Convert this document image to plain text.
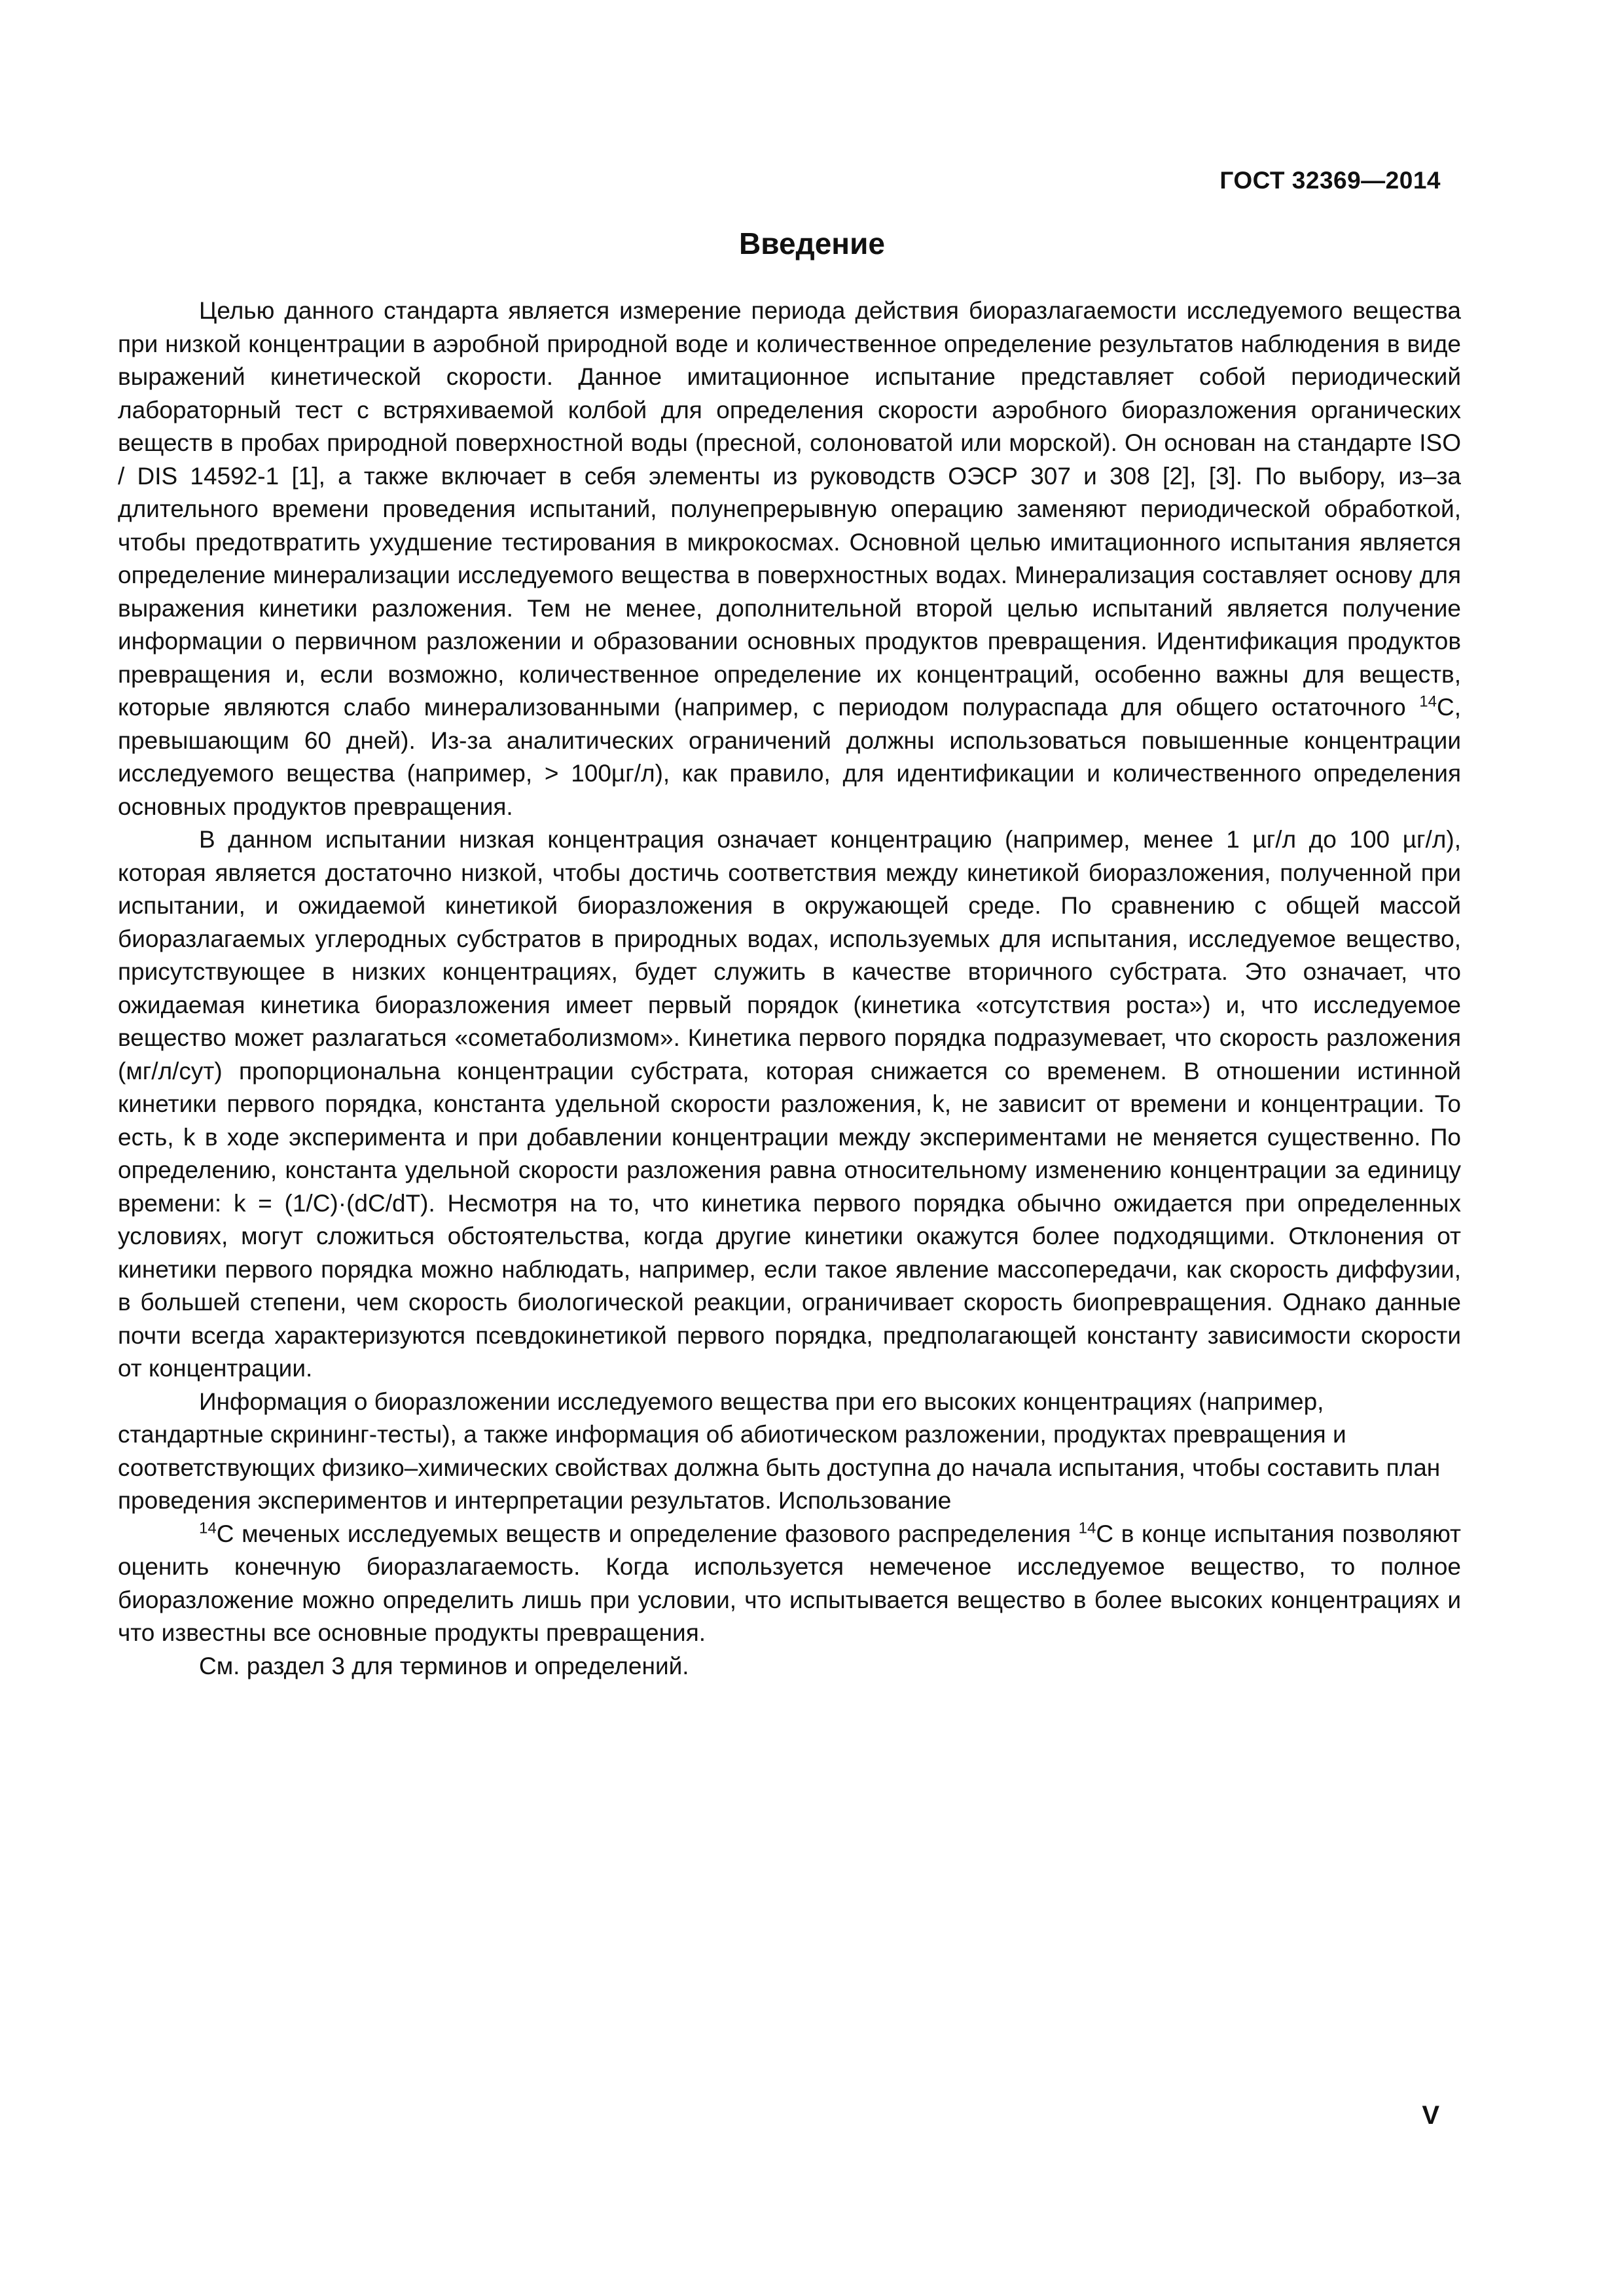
ГОСТ 32369—2014
Введение

Целью данного стандарта является измерение периода действия биоразлагаемости исследуемого вещества при низкой концентрации в аэробной природной воде и количественное определение результатов наблюдения в виде выражений кинетической скорости. Данное имитационное испытание представляет собой периодический лабораторный тест с встряхиваемой колбой для определения скорости аэробного биоразложения органических веществ в пробах природной поверхностной воды (пресной, солоноватой или морской). Он основан на стандарте ISO / DIS 14592-1 [1], а также включает в себя элементы из руководств ОЭСР 307 и 308 [2], [3]. По выбору, из–за длительного времени проведения испытаний, полунепрерывную операцию заменяют периодической обработкой, чтобы предотвратить ухудшение тестирования в микрокосмах. Основной целью имитационного испытания является определение минерализации исследуемого вещества в поверхностных водах. Минерализация составляет основу для выражения кинетики разложения. Тем не менее, дополнительной второй целью испытаний является получение информации о первичном разложении и образовании основных продуктов превращения. Идентификация продуктов превращения и, если возможно, количественное определение их концентраций, особенно важны для веществ, которые являются слабо минерализованными (например, с периодом полураспада для общего остаточного $^{14}$C, превышающим 60 дней). Из-за аналитических ограничений должны использоваться повышенные концентрации исследуемого вещества (например, > 100µг/л), как правило, для идентификации и количественного определения основных продуктов превращения.

В данном испытании низкая концентрация означает концентрацию (например, менее 1 µг/л до 100 µг/л), которая является достаточно низкой, чтобы достичь соответствия между кинетикой биоразложения, полученной при испытании, и ожидаемой кинетикой биоразложения в окружающей среде. По сравнению с общей массой биоразлагаемых углеродных субстратов в природных водах, используемых для испытания, исследуемое вещество, присутствующее в низких концентрациях, будет служить в качестве вторичного субстрата. Это означает, что ожидаемая кинетика биоразложения имеет первый порядок (кинетика «отсутствия роста») и, что исследуемое вещество может разлагаться «сометаболизмом». Кинетика первого порядка подразумевает, что скорость разложения (мг/л/сут) пропорциональна концентрации субстрата, которая снижается со временем. В отношении истинной кинетики первого порядка, константа удельной скорости разложения, k, не зависит от времени и концентрации. То есть, k в ходе эксперимента и при добавлении концентрации между экспериментами не меняется существенно. По определению, константа удельной скорости разложения равна относительному изменению концентрации за единицу времени: k = (1/C)·(dC/dT). Несмотря на то, что кинетика первого порядка обычно ожидается при определенных условиях, могут сложиться обстоятельства, когда другие кинетики окажутся более подходящими. Отклонения от кинетики первого порядка можно наблюдать, например, если такое явление массопередачи, как скорость диффузии, в большей степени, чем скорость биологической реакции, ограничивает скорость биопревращения. Однако данные почти всегда характеризуются псевдокинетикой первого порядка, предполагающей константу зависимости скорости от концентрации.

Информация о биоразложении исследуемого вещества при его высоких концентрациях (например, стандартные скрининг-тесты), а также информация об абиотическом разложении, продуктах превращения и соответствующих физико–химических свойствах должна быть доступна до начала испытания, чтобы составить план проведения экспериментов и интерпретации результатов. Использование

$^{14}$C меченых исследуемых веществ и определение фазового распределения $^{14}$C в конце испытания позволяют оценить конечную биоразлагаемость. Когда используется немеченое исследуемое вещество, то полное биоразложение можно определить лишь при условии, что испытывается вещество в более высоких концентрациях и что известны все основные продукты превращения.

См. раздел 3 для терминов и определений.

V
